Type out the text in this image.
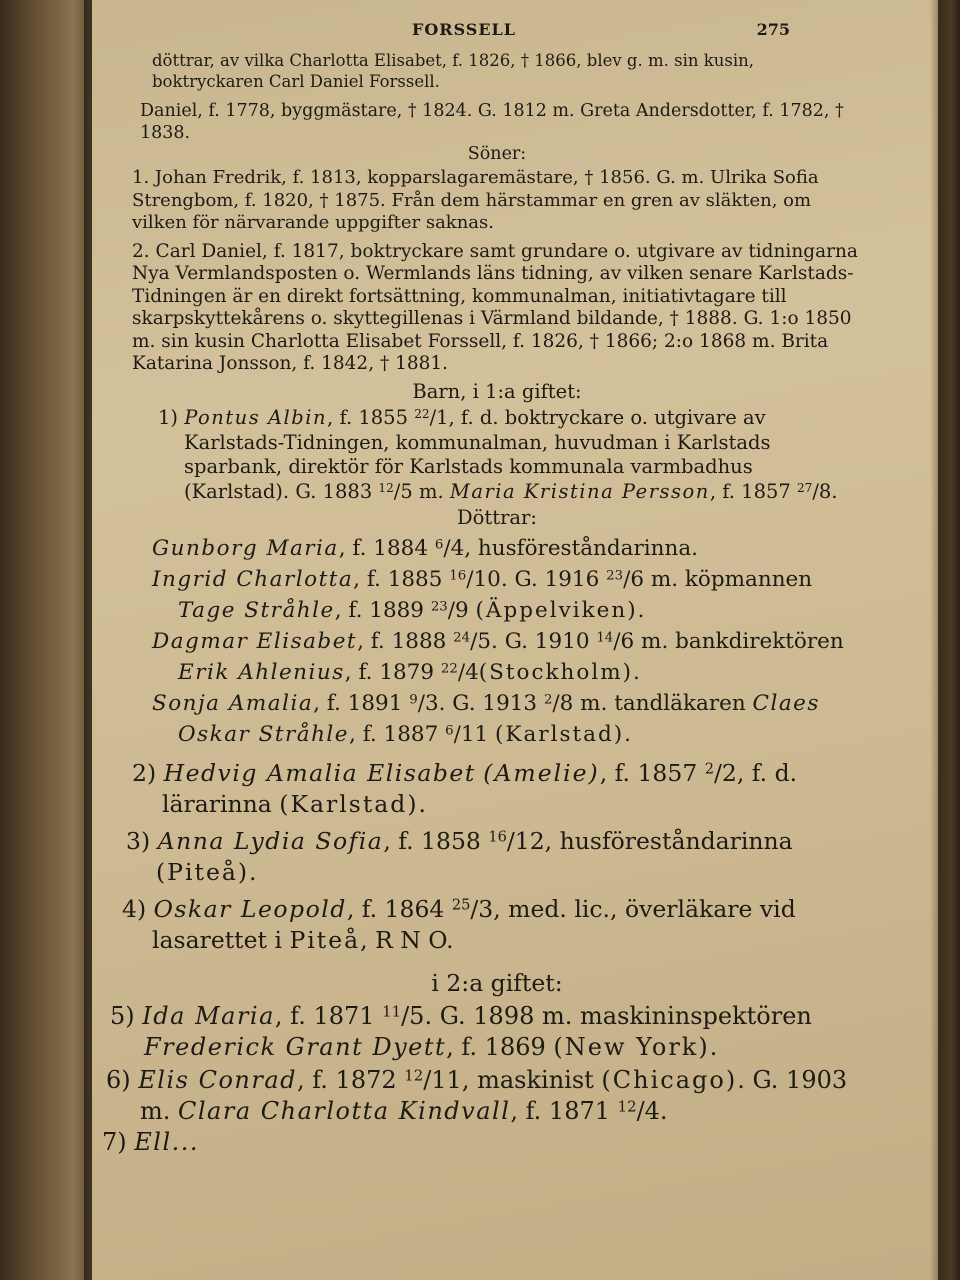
FORSSELL	275

döttrar, av vilka Charlotta Elisabet, f. 1826, † 1866, blev g. m. sin kusin, boktryckaren Carl Daniel Forssell.

Daniel, f. 1778, byggmästare, † 1824. G. 1812 m. Greta Andersdotter, f. 1782, † 1838.

Söner:

1. Johan Fredrik, f. 1813, kopparslagaremästare, † 1856. G. m. Ulrika Sofia Strengbom, f. 1820, † 1875. Från dem härstammar en gren av släkten, om vilken för närvarande uppgifter saknas.

2. Carl Daniel, f. 1817, boktryckare samt grundare o. utgivare av tidningarna Nya Vermlandsposten o. Wermlands läns tidning, av vilken senare Karlstads-Tidningen är en direkt fortsättning, kommunalman, initiativtagare till skarpskyttekårens o. skyttegillenas i Värmland bildande, † 1888. G. 1:o 1850 m. sin kusin Charlotta Elisabet Forssell, f. 1826, † 1866; 2:o 1868 m. Brita Katarina Jonsson, f. 1842, † 1881.

Barn, i 1:a giftet:

1) Pontus Albin, f. 1855 $^{22}$/1, f. d. boktryckare o. utgivare av Karlstads-Tidningen, kommunalman, huvudman i Karlstads sparbank, direktör för Karlstads kommunala varmbadhus (Karlstad). G. 1883 $^{12}$/5 m. Maria Kristina Persson, f. 1857 $^{27}$/8.

Döttrar:

Gunborg Maria, f. 1884 $^6$/4, husföreståndarinna.

Ingrid Charlotta, f. 1885 $^{16}$/10. G. 1916 $^{23}$/6 m. köpmannen Tage Stråhle, f. 1889 $^{23}$/9 (Äppelviken).

Dagmar Elisabet, f. 1888 $^{24}$/5. G. 1910 $^{14}$/6 m. bankdirektören Erik Ahlenius, f. 1879 $^{22}$/4(Stockholm).

Sonja Amalia, f. 1891 $^9$/3. G. 1913 $^2$/8 m. tandläkaren Claes Oskar Stråhle, f. 1887 $^6$/11 (Karlstad).

2) Hedvig Amalia Elisabet (Amelie), f. 1857 $^2$/2, f. d. lärarinna (Karlstad).

3) Anna Lydia Sofia, f. 1858 $^{16}$/12, husföreståndarinna (Piteå).

4) Oskar Leopold, f. 1864 $^{25}$/3, med. lic., överläkare vid lasarettet i Piteå, R N O.

i 2:a giftet:

5) Ida Maria, f. 1871 $^{11}$/5. G. 1898 m. maskininspektören Frederick Grant Dyett, f. 1869 (New York).

6) Elis Conrad, f. 1872 $^{12}$/11, maskinist (Chicago). G. 1903 m. Clara Charlotta Kindvall, f. 1871 $^{12}$/4.

7) Ell...
